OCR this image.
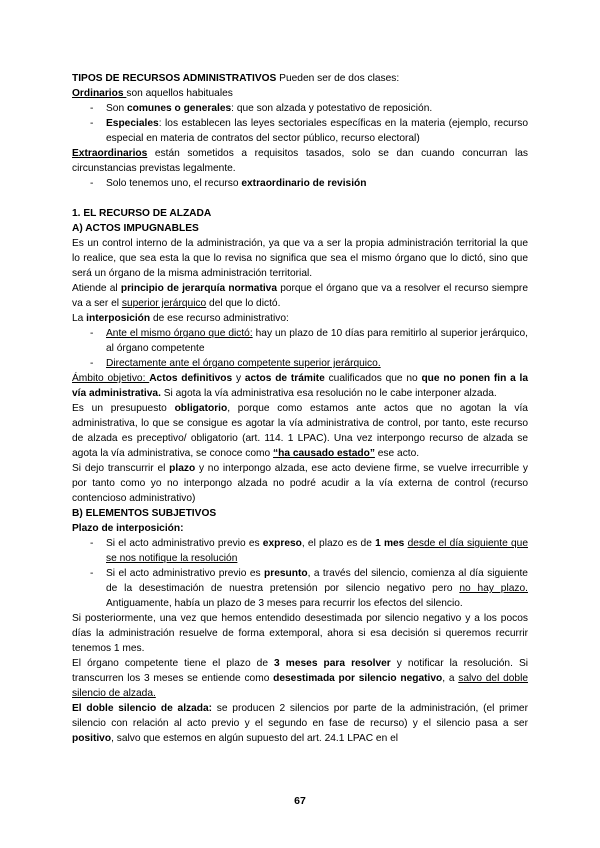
TIPOS DE RECURSOS ADMINISTRATIVOS Pueden ser de dos clases:

Ordinarios son aquellos habituales

- Son comunes o generales: que son alzada y potestativo de reposición.

- Especiales: los establecen las leyes sectoriales específicas en la materia (ejemplo, recurso especial en materia de contratos del sector público, recurso electoral)

Extraordinarios están sometidos a requisitos tasados, solo se dan cuando concurran las circunstancias previstas legalmente.

- Solo tenemos uno, el recurso extraordinario de revisión

1. EL RECURSO DE ALZADA

A) ACTOS IMPUGNABLES

Es un control interno de la administración, ya que va a ser la propia administración territorial la que lo realice, que sea esta la que lo revisa no significa que sea el mismo órgano que lo dictó, sino que será un órgano de la misma administración territorial.

Atiende al principio de jerarquía normativa porque el órgano que va a resolver el recurso siempre va a ser el superior jerárquico del que lo dictó.

La interposición de ese recurso administrativo:

- Ante el mismo órgano que dictó: hay un plazo de 10 días para remitirlo al superior jerárquico, al órgano competente

- Directamente ante el órgano competente superior jerárquico.

Ámbito objetivo: Actos definitivos y actos de trámite cualificados que no que no ponen fin a la vía administrativa. Si agota la vía administrativa esa resolución no le cabe interponer alzada.

Es un presupuesto obligatorio, porque como estamos ante actos que no agotan la vía administrativa, lo que se consigue es agotar la vía administrativa de control, por tanto, este recurso de alzada es preceptivo/ obligatorio (art. 114. 1 LPAC). Una vez interpongo recurso de alzada se agota la vía administrativa, se conoce como “ha causado estado” ese acto.

Si dejo transcurrir el plazo y no interpongo alzada, ese acto deviene firme, se vuelve irrecurrible y por tanto como yo no interpongo alzada no podré acudir a la vía externa de control (recurso contencioso administrativo)

B) ELEMENTOS SUBJETIVOS

Plazo de interposición:

- Si el acto administrativo previo es expreso, el plazo es de 1 mes desde el día siguiente que se nos notifique la resolución

- Si el acto administrativo previo es presunto, a través del silencio, comienza al día siguiente de la desestimación de nuestra pretensión por silencio negativo pero no hay plazo. Antiguamente, había un plazo de 3 meses para recurrir los efectos del silencio.

Si posteriormente, una vez que hemos entendido desestimada por silencio negativo y a los pocos días la administración resuelve de forma extemporal, ahora si esa decisión si queremos recurrir tenemos 1 mes.

El órgano competente tiene el plazo de 3 meses para resolver y notificar la resolución. Si transcurren los 3 meses se entiende como desestimada por silencio negativo, a salvo del doble silencio de alzada.

El doble silencio de alzada: se producen 2 silencios por parte de la administración, (el primer silencio con relación al acto previo y el segundo en fase de recurso) y el silencio pasa a ser positivo, salvo que estemos en algún supuesto del art. 24.1 LPAC en el

67
